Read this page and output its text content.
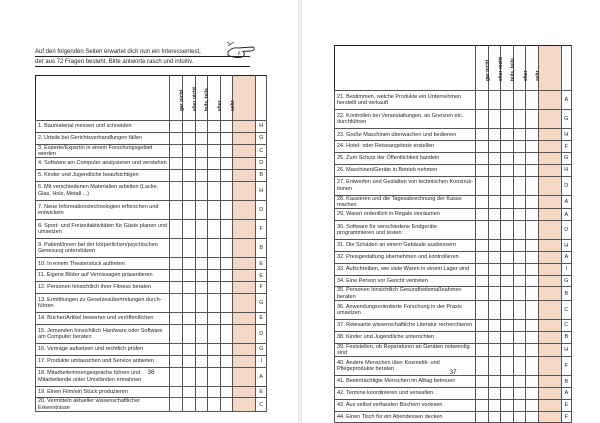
Auf den folgenden Seiten erwartet dich nun ein Interessentest,
der aus 72 Fragen besteht. Bitte antworte rasch und intuitiv.

	gar nicht	eher nicht	teils, teils	eher	sehr		

1. Baumaterial messen und schneiden							H
2. Urteile bei Gerichtsverhandlungen fällen							G
3. Experte/Expertin in einem Forschungsgebiet werden							C
4. Software am Computer analysieren und verstehen							D
5. Kinder und Jugendliche beaufsichtigen							B
6. Mit verschiedenen Materialien arbeiten (Lacke, Glas, Holz, Metall ...)							H
7. Neue Informationstechnologien erforschen und entwickeln							D
8. Sport- und Freizeitaktivitäten für Gäste planen und umsetzen							F
9. Patient/innen bei der körperlichen/psychischen Genesung unterstützen							B
10. In einem Theaterstück auftreten							E
11. Eigene Bilder auf Vernissagen präsentieren							E
12. Personen hinsichtlich ihrer Fitness beraten							F
13. Ermittlungen zu Gesetzesübertretungen durch-führen							G
14. Bücher/Artikel bewerten und veröffentlichen							E
15. Jemanden hinsichtlich Hardware oder Software am Computer beraten							D
16. Verträge aufsetzen und rechtlich prüfen							G
17. Produkte umtauschen und Service anbieten							I
18. Mitarbeiterinnengespräche führen und Mitarbeitende unter Umständen ermahnen							A
19. Einen Film/ein Stück produzieren							E
20. Vermitteln aktueller wissenschaftlicher Erkenntnisse							C
36

	gar nicht	eher nicht	teils, teils	eher	sehr		

21. Bestimmen, welche Produkte ein Unternehmen herstellt und verkauft							A
22. Kontrollen bei Veranstaltungen, an Grenzen etc. durchführen							G
23. Große Maschinen überwachen und bedienen							H
24. Hotel- oder Reiseangebote erstellen							F
25. Zum Schutz der Öffentlichkeit handeln							G
26. Maschinen/Geräte in Betrieb nehmen							H
27. Entwerfen und Gestalten von technischen Konstruk-tionen							D
28. Kassieren und die Tagesabrechnung der Kasse machen							A
29. Waren ordentlich in Regale einräumen							A
30. Software für verschiedene Endgeräte programmieren und testen							D
31. Die Schäden an einem Gebäude ausbessern							H
32. Preisgestaltung übernehmen und kontrollieren							A
33. Aufschreiben, wie viele Waren in einem Lager sind							I
34. Eine Person vor Gericht vertreten							G
35. Personen hinsichtlich Gesundheitsmaßnahmen beraten							B
36. Anwendungsorientierte Forschung in der Praxis umsetzen							C
37. Relevante wissenschaftliche Literatur recherchieren							C
38. Kinder und Jugendliche unterrichten							B
39. Feststellen, ob Reparaturen an Geräten notwendig sind							H
40. Andere Menschen über Kosmetik- und Pflegeprodukte beraten							F
41. Beeinträchtigte Menschen im Alltag betreuen							B
42. Termine koordinieren und verwalten							A
43. Aus selbst verfassten Büchern vorlesen							E
44. Einen Tisch für ein Abendessen decken							F
37
